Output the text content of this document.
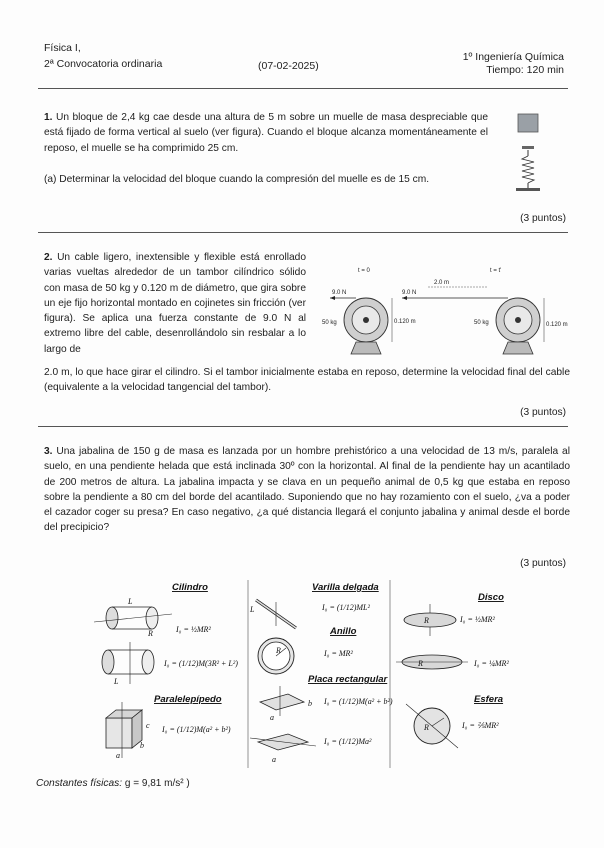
Física I,
2ª Convocatoria ordinaria	(07-02-2025)
1º Ingeniería Química
Tiempo: 120 min
1. Un bloque de 2,4 kg cae desde una altura de 5 m sobre un muelle de masa despreciable que está fijado de forma vertical al suelo (ver figura). Cuando el bloque alcanza momentáneamente el reposo, el muelle se ha comprimido 25 cm.
(a) Determinar la velocidad del bloque cuando la compresión del muelle es de 15 cm.
(3 puntos)
2. Un cable ligero, inextensible y flexible está enrollado varias vueltas alrededor de un tambor cilíndrico sólido con masa de 50 kg y 0.120 m de diámetro, que gira sobre un eje fijo horizontal montado en cojinetes sin fricción (ver figura). Se aplica una fuerza constante de 9.0 N al extremo libre del cable, desenrollándolo sin resbalar a lo largo de
2.0 m, lo que hace girar el cilindro. Si el tambor inicialmente estaba en reposo, determine la velocidad final del cable (equivalente a la velocidad tangencial del tambor).
t = 0
9.0 N
50 kg	0.120 m
t = t'
2.0 m
9.0 N
50 kg	0.120 m
(3 puntos)
3. Una jabalina de 150 g de masa es lanzada por un hombre prehistórico a una velocidad de 13 m/s, paralela al suelo, en una pendiente helada que está inclinada 30º con la horizontal. Al final de la pendiente hay un acantilado de 200 metros de altura. La jabalina impacta y se clava en un pequeño animal de 0,5 kg que estaba en reposo sobre la pendiente a 80 cm del borde del acantilado. Suponiendo que no hay rozamiento con el suelo, ¿va a poder el cazador coger su presa? En caso negativo, ¿a qué distancia llegará el conjunto jabalina y animal desde el borde del precipicio?
(3 puntos)
Cilindro
L
R	I₀ = ½MR²
L
I₀ = (1/12)M(3R² + L²)
Paralelepípedo
c
b
a
I₀ = (1/12)M(a² + b²)
Varilla delgada
L	I₀ = (1/12)ML²
Anillo
R	I₀ = MR²
Placa rectangular
b
a
I₀ = (1/12)M(a² + b²)
a
I₀ = (1/12)Ma²
Disco
R	I₀ = ½MR²
R	I₀ = ¼MR²
Esfera
R	I₀ = ⅖MR²
Constantes físicas: g = 9,81 m/s² )
